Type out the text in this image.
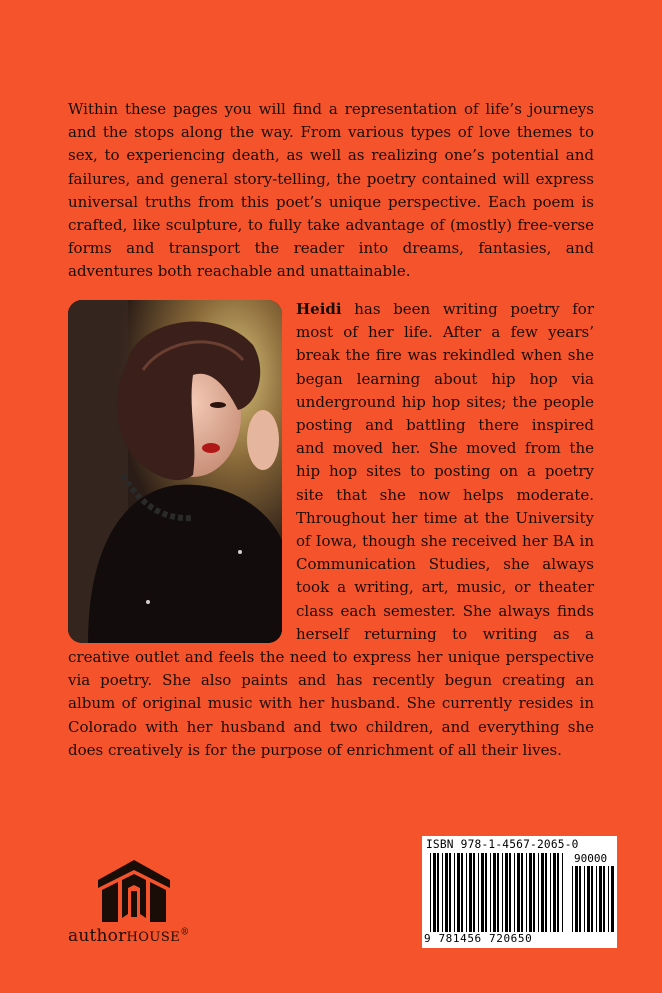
Within these pages you will find a representation of life’s journeys and the stops along the way. From various types of love themes to sex, to experiencing death, as well as realizing one’s potential and failures, and general story-telling, the poetry contained will express universal truths from this poet’s unique perspective. Each poem is crafted, like sculpture, to fully take advantage of (mostly) free-verse forms and transport the reader into dreams, fantasies, and adventures both reachable and unattainable.

Heidi has been writing poetry for most of her life. After a few years’ break the fire was rekindled when she began learning about hip hop via underground hip hop sites; the people posting and battling there inspired and moved her. She moved from the hip hop sites to posting on a poetry site that she now helps moderate. Throughout her time at the University of Iowa, though she received her BA in Communication Studies, she always took a writing, art, music, or theater class each semester. She always finds herself returning to writing as a creative outlet and feels the need to express her unique perspective via poetry. She also paints and has recently begun creating an album of original music with her husband. She currently resides in Colorado with her husband and two children, and everything she does creatively is for the purpose of enrichment of all their lives.

authorHOUSE®
ISBN 978-1-4567-2065-0
90000
9 781456 720650
